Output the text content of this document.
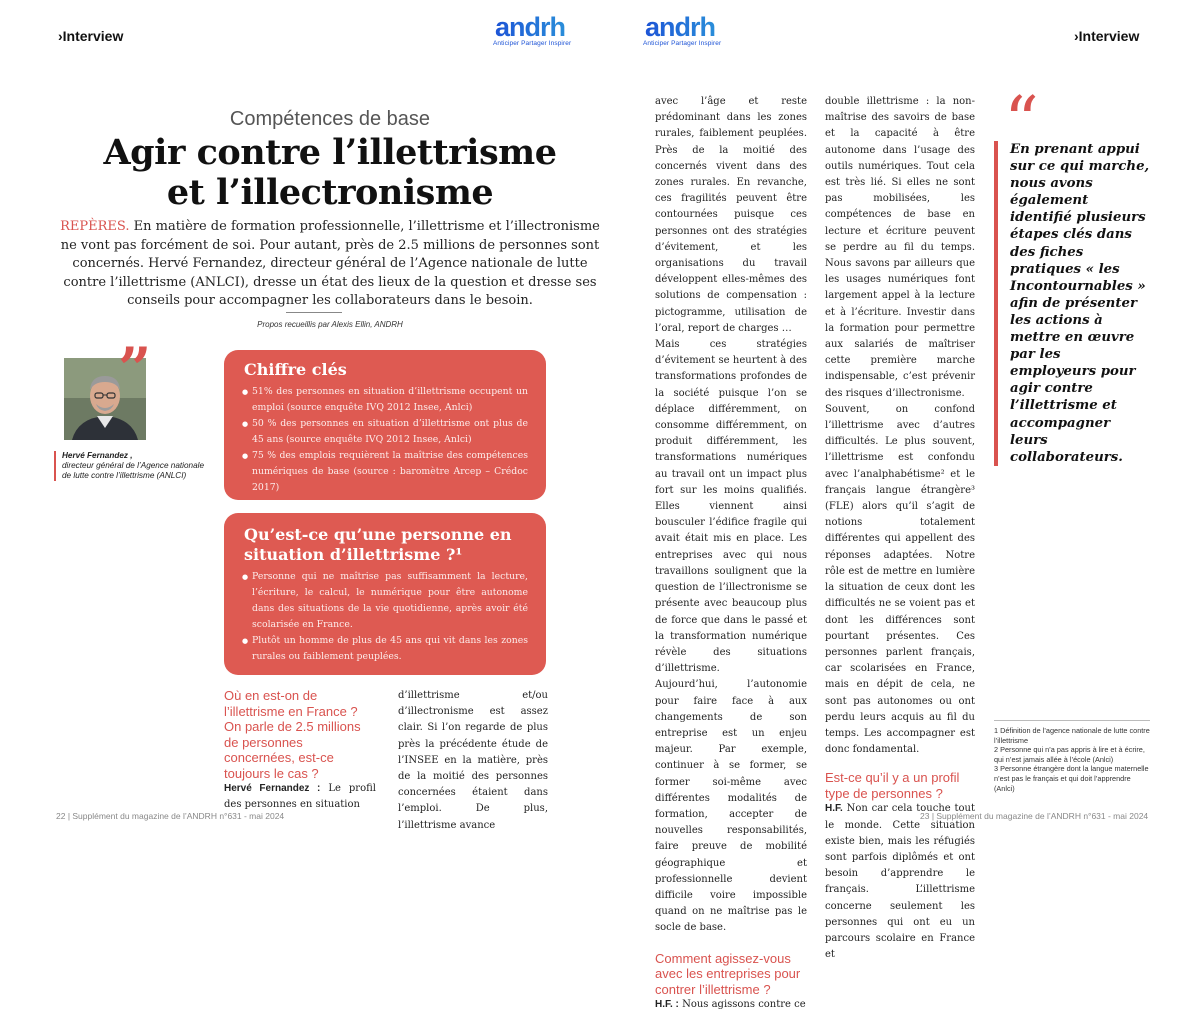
›Interview	›Interview
andrh
Anticiper Partager Inspirer
andrh
Anticiper Partager Inspirer
Compétences de base
Agir contre l’illettrisme
et l’illectronisme
REPÈRES. En matière de formation professionnelle, l’illettrisme et l’illectronisme ne vont pas forcément de soi. Pour autant, près de 2.5 millions de personnes sont concernés. Hervé Fernandez, directeur général de l’Agence nationale de lutte contre l’illettrisme (ANLCI), dresse un état des lieux de la question et dresse ses conseils pour accompagner les collaborateurs dans le besoin.
Propos recueillis par Alexis Ellin, ANDRH
”
Hervé Fernandez ,
directeur général de l’Agence nationale de lutte contre l’illettrisme (ANLCI)
Chiffre clés
● 51% des personnes en situation d’illettrisme occupent un emploi (source enquête IVQ 2012 Insee, Anlci)
● 50 % des personnes en situation d’illettrisme ont plus de 45 ans (source enquête IVQ 2012 Insee, Anlci)
● 75 % des emplois requièrent la maîtrise des compétences numériques de base (source : baromètre Arcep – Crédoc 2017)
Qu’est-ce qu’une personne en situation d’illettrisme ?¹
● Personne qui ne maîtrise pas suffisamment la lecture, l’écriture, le calcul, le numérique pour être autonome dans des situations de la vie quotidienne, après avoir été scolarisée en France.
● Plutôt un homme de plus de 45 ans qui vit dans les zones rurales ou faiblement peuplées.
Où en est-on de l’illettrisme en France ? On parle de 2.5 millions de personnes concernées, est-ce toujours le cas ?
Hervé Fernandez : Le profil des personnes en situation
d’illettrisme et/ou d’illectronisme est assez clair. Si l’on regarde de plus près la précédente étude de l’INSEE en la matière, près de la moitié des personnes concernées étaient dans l’emploi. De plus, l’illettrisme avance

avec l’âge et reste prédominant dans les zones rurales, faiblement peuplées. Près de la moitié des concernés vivent dans des zones rurales. En revanche, ces fragilités peuvent être contournées puisque ces personnes ont des stratégies d’évitement, et les organisations du travail développent elles-mêmes des solutions de compensation : pictogramme, utilisation de l’oral, report de charges …

Mais ces stratégies d’évitement se heurtent à des transformations profondes de la société puisque l’on se déplace différemment, on consomme différemment, on produit différemment, les transformations numériques au travail ont un impact plus fort sur les moins qualifiés. Elles viennent ainsi bousculer l’édifice fragile qui avait était mis en place. Les entreprises avec qui nous travaillons soulignent que la question de l’illectronisme se présente avec beaucoup plus de force que dans le passé et la transformation numérique révèle des situations d’illettrisme.

Aujourd’hui, l’autonomie pour faire face à aux changements de son entreprise est un enjeu majeur. Par exemple, continuer à se former, se former soi-même avec différentes modalités de formation, accepter de nouvelles responsabilités, faire preuve de mobilité géographique et professionnelle devient difficile voire impossible quand on ne maîtrise pas le socle de base.

Comment agissez-vous avec les entreprises pour contrer l’illettrisme ?
H.F. : Nous agissons contre ce

double illettrisme : la non-maîtrise des savoirs de base et la capacité à être autonome dans l’usage des outils numériques. Tout cela est très lié. Si elles ne sont pas mobilisées, les compétences de base en lecture et écriture peuvent se perdre au fil du temps. Nous savons par ailleurs que les usages numériques font largement appel à la lecture et à l’écriture. Investir dans la formation pour permettre aux salariés de maîtriser cette première marche indispensable, c’est prévenir des risques d’illectronisme.

Souvent, on confond l’illettrisme avec d’autres difficultés. Le plus souvent, l’illettrisme est confondu avec l’analphabétisme² et le français langue étrangère³ (FLE) alors qu’il s’agit de notions totalement différentes qui appellent des réponses adaptées. Notre rôle est de mettre en lumière la situation de ceux dont les difficultés ne se voient pas et dont les différences sont pourtant présentes. Ces personnes parlent français, car scolarisées en France, mais en dépit de cela, ne sont pas autonomes ou ont perdu leurs acquis au fil du temps. Les accompagner est donc fondamental.

Est-ce qu’il y a un profil type de personnes ?
H.F. Non car cela touche tout le monde. Cette situation existe bien, mais les réfugiés sont parfois diplômés et ont besoin d’apprendre le français. L’illettrisme concerne seulement les personnes qui ont eu un parcours scolaire en France et
“
En prenant appui sur ce qui marche, nous avons également identifié plusieurs étapes clés dans des fiches pratiques « les Incontournables » afin de présenter les actions à mettre en œuvre par les employeurs pour agir contre l’illettrisme et accompagner leurs collaborateurs.
1 Définition de l’agence nationale de lutte contre l’illettrisme
2 Personne qui n’a pas appris à lire et à écrire, qui n’est jamais allée à l’école (Anlci)
3 Personne étrangère dont la langue maternelle n’est pas le français et qui doit l’apprendre (Anlci)
22 | Supplément du magazine de l’ANDRH n°631 - mai 2024	23 | Supplément du magazine de l’ANDRH n°631 - mai 2024
